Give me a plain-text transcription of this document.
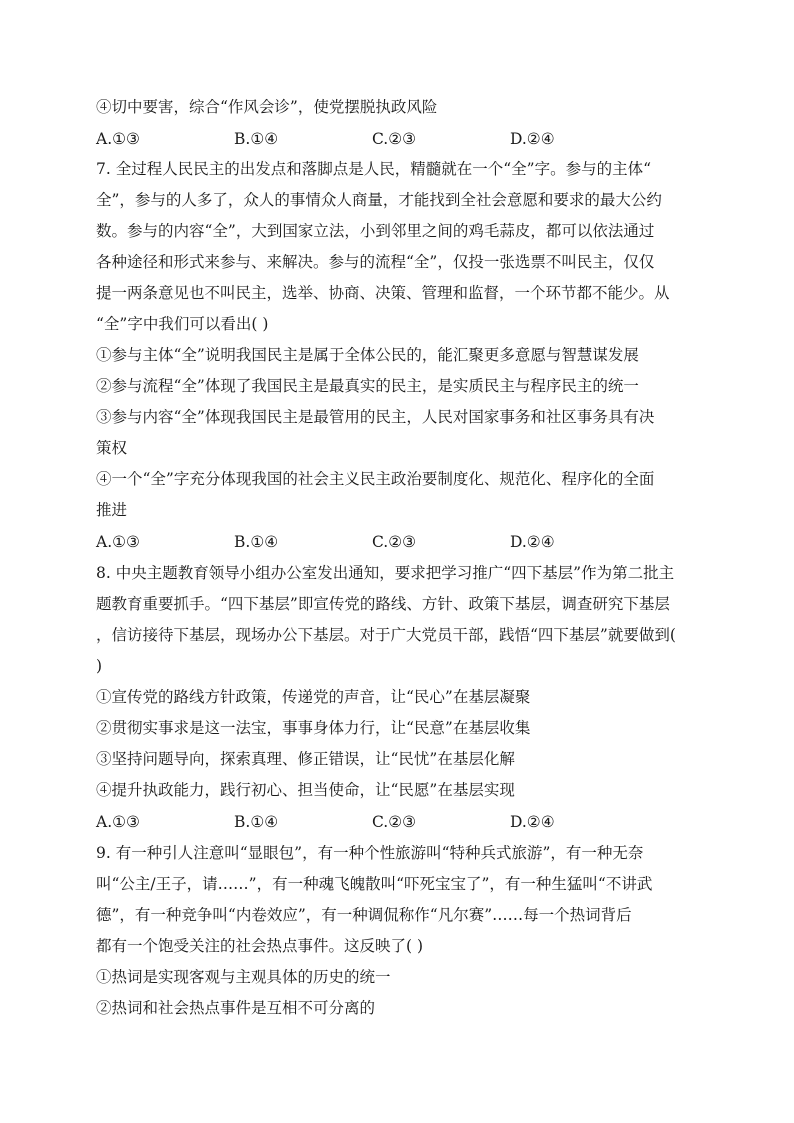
④切中要害，综合“作风会诊”，使党摆脱执政风险
A.①③	B.①④	C.②③	D.②④
7. 全过程人民民主的出发点和落脚点是人民，精髓就在一个“全”字。参与的主体“
全”，参与的人多了，众人的事情众人商量，才能找到全社会意愿和要求的最大公约
数。参与的内容“全”，大到国家立法，小到邻里之间的鸡毛蒜皮，都可以依法通过
各种途径和形式来参与、来解决。参与的流程“全”，仅投一张选票不叫民主，仅仅
提一两条意见也不叫民主，选举、协商、决策、管理和监督，一个环节都不能少。从
“全”字中我们可以看出( )
①参与主体“全”说明我国民主是属于全体公民的，能汇聚更多意愿与智慧谋发展
②参与流程“全”体现了我国民主是最真实的民主，是实质民主与程序民主的统一
③参与内容“全”体现我国民主是最管用的民主，人民对国家事务和社区事务具有决
策权
④一个“全”字充分体现我国的社会主义民主政治要制度化、规范化、程序化的全面
推进
A.①③	B.①④	C.②③	D.②④
8. 中央主题教育领导小组办公室发出通知，要求把学习推广“四下基层”作为第二批主
题教育重要抓手。“四下基层”即宣传党的路线、方针、政策下基层，调查研究下基层
，信访接待下基层，现场办公下基层。对于广大党员干部，践悟“四下基层”就要做到(
)
①宣传党的路线方针政策，传递党的声音，让“民心”在基层凝聚
②贯彻实事求是这一法宝，事事身体力行，让“民意”在基层收集
③坚持问题导向，探索真理、修正错误，让“民忧”在基层化解
④提升执政能力，践行初心、担当使命，让“民愿”在基层实现
A.①③	B.①④	C.②③	D.②④
9. 有一种引人注意叫“显眼包”，有一种个性旅游叫“特种兵式旅游”，有一种无奈
叫“公主/王子，请……”，有一种魂飞魄散叫“吓死宝宝了”，有一种生猛叫“不讲武
德”，有一种竞争叫“内卷效应”，有一种调侃称作“凡尔赛”……每一个热词背后
都有一个饱受关注的社会热点事件。这反映了( )
①热词是实现客观与主观具体的历史的统一
②热词和社会热点事件是互相不可分离的
